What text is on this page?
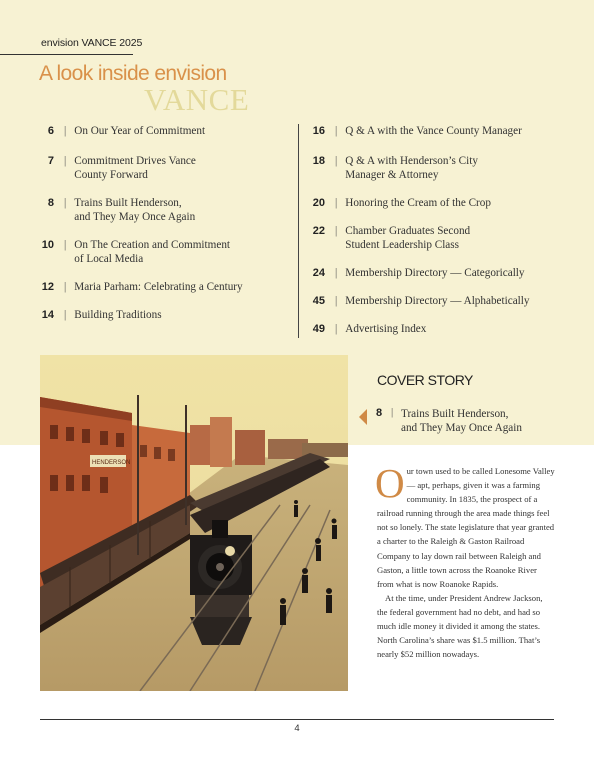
envision VANCE 2025
A look inside envision
VANCE
6 | On Our Year of Commitment
7 | Commitment Drives Vance
County Forward
8 | Trains Built Henderson,
and They May Once Again
10 | On The Creation and Commitment
of Local Media
12 | Maria Parham: Celebrating a Century
14 | Building Traditions
16 | Q & A with the Vance County Manager
18 | Q & A with Henderson’s City
Manager & Attorney
20 | Honoring the Cream of the Crop
22 | Chamber Graduates Second
Student Leadership Class
24 | Membership Directory — Categorically
45 | Membership Directory — Alphabetically
49 | Advertising Index
HENDERSON
COVER STORY
8 | Trains Built Henderson,
and They May Once Again
O ur town used to be called Lonesome Valley — apt, perhaps, given it was a farming community. In 1835, the prospect of a railroad running through the area made things feel not so lonely. The state legislature that year granted a charter to the Raleigh & Gaston Railroad Company to lay down rail between Raleigh and Gaston, a little town across the Roanoke River from what is now Roanoke Rapids.

At the time, under President Andrew Jackson, the federal government had no debt, and had so much idle money it divided it among the states. North Carolina’s share was $1.5 million. That’s nearly $52 million nowadays.

4
